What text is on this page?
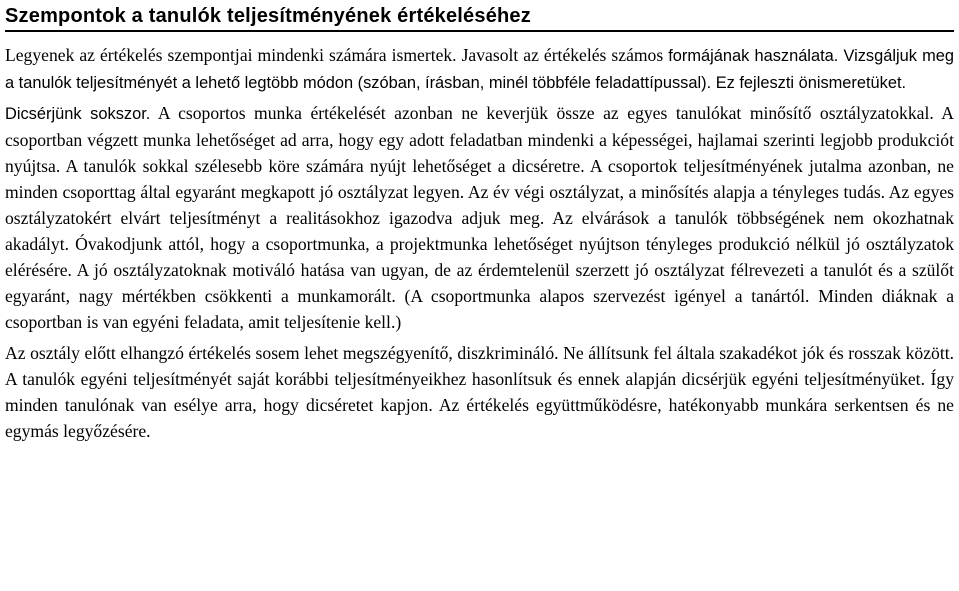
Szempontok a tanulók teljesítményének értékeléséhez

Legyenek az értékelés szempontjai mindenki számára ismertek. Javasolt az értékelés számos formájának használata. Vizsgáljuk meg a tanulók teljesítményét a lehető legtöbb módon (szóban, írásban, minél többféle feladattípussal). Ez fejleszti önismeretüket.

Dicsérjünk sokszor. A csoportos munka értékelését azonban ne keverjük össze az egyes tanulókat minősítő osztályzatokkal. A csoportban végzett munka lehetőséget ad arra, hogy egy adott feladatban mindenki a képességei, hajlamai szerinti legjobb produkciót nyújtsa. A tanulók sokkal szélesebb köre számára nyújt lehetőséget a dicséretre. A csoportok teljesítményének jutalma azonban, ne minden csoporttag által egyaránt megkapott jó osztályzat legyen. Az év végi osztályzat, a minősítés alapja a tényleges tudás. Az egyes osztályzatokért elvárt teljesítményt a realitásokhoz igazodva adjuk meg. Az elvárások a tanulók többségének nem okozhatnak akadályt. Óvakodjunk attól, hogy a csoportmunka, a projektmunka lehetőséget nyújtson tényleges produkció nélkül jó osztályzatok elérésére. A jó osztályzatoknak motiváló hatása van ugyan, de az érdemtelenül szerzett jó osztályzat félrevezeti a tanulót és a szülőt egyaránt, nagy mértékben csökkenti a munkamorált. (A csoportmunka alapos szervezést igényel a tanártól. Minden diáknak a csoportban is van egyéni feladata, amit teljesítenie kell.)

Az osztály előtt elhangzó értékelés sosem lehet megszégyenítő, diszkrimináló. Ne állítsunk fel általa szakadékot jók és rosszak között. A tanulók egyéni teljesítményét saját korábbi teljesítményeikhez hasonlítsuk és ennek alapján dicsérjük egyéni teljesítményüket. Így minden tanulónak van esélye arra, hogy dicséretet kapjon. Az értékelés együttműködésre, hatékonyabb munkára serkentsen és ne egymás legyőzésére.
